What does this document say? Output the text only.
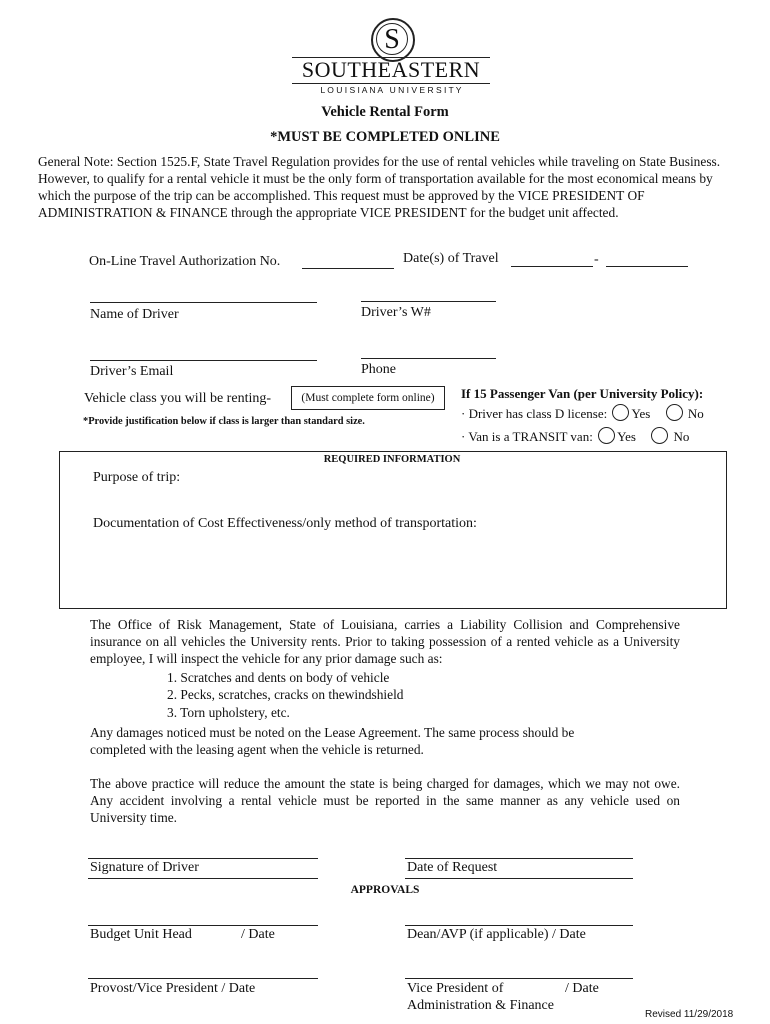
S
SOUTHEASTERN
L O U I S I A N A   U N I V E R S I T Y
Vehicle Rental Form
*MUST BE COMPLETED ONLINE
General Note: Section 1525.F, State Travel Regulation provides for the use of rental vehicles while traveling on State Business. However, to qualify for a rental vehicle it must be the only form of transportation available for the most economical means by which the purpose of the trip can be accomplished. This request must be approved by the VICE PRESIDENT OF ADMINISTRATION & FINANCE through the appropriate VICE PRESIDENT for the budget unit affected.
On-Line Travel Authorization No.	Date(s) of Travel	-
Name of Driver	Driver’s W#
Driver’s Email	Phone
Vehicle class you will be renting-	(Must complete form online)
*Provide justification below if class is larger than standard size.
If 15 Passenger Van (per University Policy):
· Driver has class D license: Yes	No
· Van is a TRANSIT van: Yes	No
REQUIRED INFORMATION
Purpose of trip:
Documentation of Cost Effectiveness/only method of transportation:
The Office of Risk Management, State of Louisiana, carries a Liability Collision and Comprehensive insurance on all vehicles the University rents. Prior to taking possession of a rented vehicle as a University employee, I will inspect the vehicle for any prior damage such as:
1. Scratches and dents on body of vehicle
2. Pecks, scratches, cracks on thewindshield
3. Torn upholstery, etc.
Any damages noticed must be noted on the Lease Agreement. The same process should be completed with the leasing agent when the vehicle is returned.
The above practice will reduce the amount the state is being charged for damages, which we may not owe. Any accident involving a rental vehicle must be reported in the same manner as any vehicle used on University time.
Signature of Driver	Date of Request
APPROVALS
Budget Unit Head	/ Date	Dean/AVP (if applicable) / Date
Provost/Vice President / Date	Vice President of	/ Date
Administration & Finance
Revised 11/29/2018
